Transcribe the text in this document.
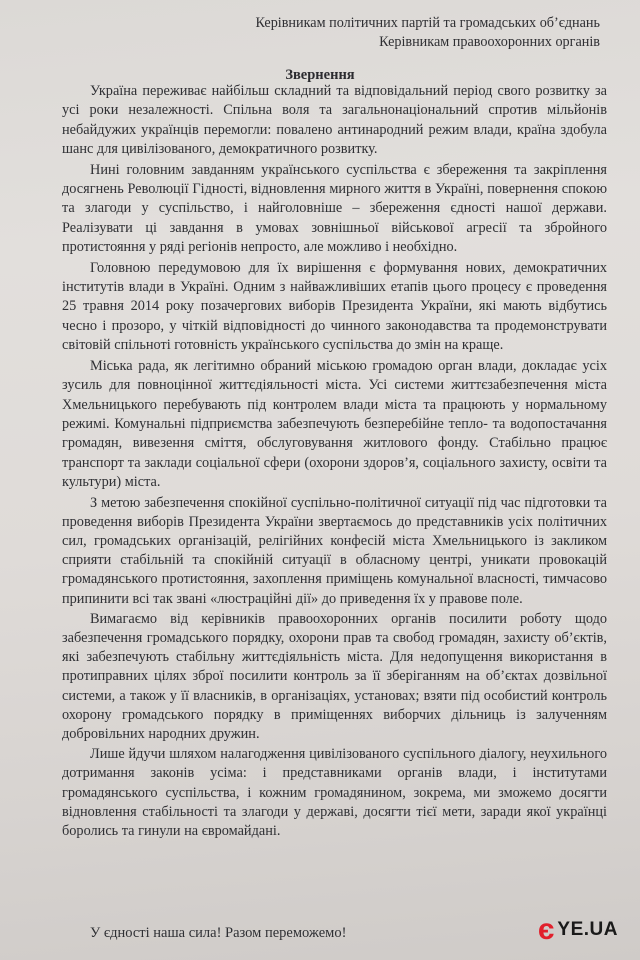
Керівникам політичних партій та громадських об’єднань
Керівникам правоохоронних органів
Звернення

Україна переживає найбільш складний та відповідальний період свого розвитку за усі роки незалежності. Спільна воля та загальнонаціональний спротив мільйонів небайдужих українців перемогли: повалено антинародний режим влади, країна здобула шанс для цивілізованого, демократичного розвитку.

Нині головним завданням українського суспільства є збереження та закріплення досягнень Революції Гідності, відновлення мирного життя в Україні, повернення спокою та злагоди у суспільство, і найголовніше – збереження єдності нашої держави. Реалізувати ці завдання в умовах зовнішньої військової агресії та збройного протистояння у ряді регіонів непросто, але можливо і необхідно.

Головною передумовою для їх вирішення є формування нових, демократичних інститутів влади в Україні. Одним з найважливіших етапів цього процесу є проведення 25 травня 2014 року позачергових виборів Президента України, які мають відбутись чесно і прозоро, у чіткій відповідності до чинного законодавства та продемонструвати світовій спільноті готовність українського суспільства до змін на краще.

Міська рада, як легітимно обраний міською громадою орган влади, докладає усіх зусиль для повноцінної життєдіяльності міста. Усі системи життєзабезпечення міста Хмельницького перебувають під контролем влади міста та працюють у нормальному режимі. Комунальні підприємства забезпечують безперебійне тепло- та водопостачання громадян, вивезення сміття, обслуговування житлового фонду. Стабільно працює транспорт та заклади соціальної сфери (охорони здоров’я, соціального захисту, освіти та культури) міста.

З метою забезпечення спокійної суспільно-політичної ситуації під час підготовки та проведення виборів Президента України звертаємось до представників усіх політичних сил, громадських організацій, релігійних конфесій міста Хмельницького із закликом сприяти стабільній та спокійній ситуації в обласному центрі, уникати провокацій громадянського протистояння, захоплення приміщень комунальної власності, тимчасово припинити всі так звані «люстраційні дії» до приведення їх у правове поле.

Вимагаємо від керівників правоохоронних органів посилити роботу щодо забезпечення громадського порядку, охорони прав та свобод громадян, захисту об’єктів, які забезпечують стабільну життєдіяльність міста. Для недопущення використання в протиправних цілях зброї посилити контроль за її зберіганням на об’єктах дозвільної системи, а також у її власників, в організаціях, установах; взяти під особистий контроль охорону громадського порядку в приміщеннях виборчих дільниць із залученням добровільних народних дружин.

Лише йдучи шляхом налагодження цивілізованого суспільного діалогу, неухильного дотримання законів усіма: і представниками органів влади, і інститутами громадянського суспільства, і кожним громадянином, зокрема, ми зможемо досягти відновлення стабільності та злагоди у державі, досягти тієї мети, заради якої українці боролись та гинули на євромайдані.

У єдності наша сила! Разом переможемо!	є YE.UA
